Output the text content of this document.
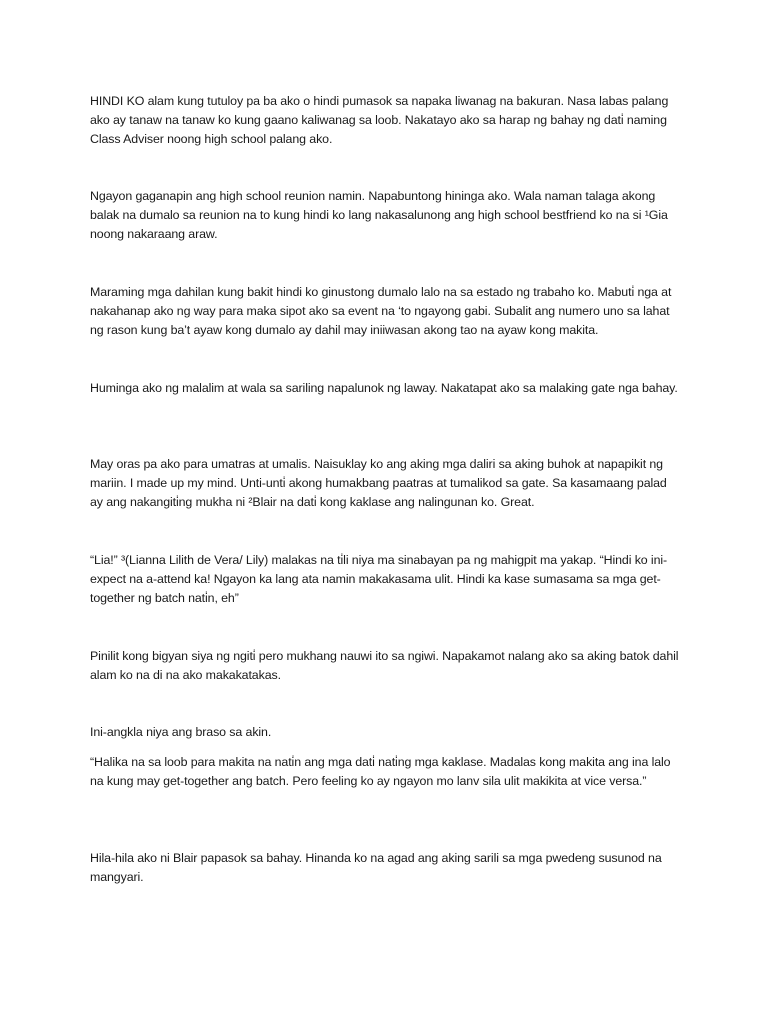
HINDI KO alam kung tutuloy pa ba ako o hindi pumasok sa napaka liwanag na bakuran. Nasa labas palang ako ay tanaw na tanaw ko kung gaano kaliwanag sa loob. Nakatayo ako sa harap ng bahay ng dati̇ naming Class Adviser noong high school palang ako.

Ngayon gaganapin ang high school reunion namin. Napabuntong hininga ako. Wala naman talaga akong balak na dumalo sa reunion na to kung hindi ko lang nakasalunong ang high school bestfriend ko na si ¹Gia noong nakaraang araw.

Maraming mga dahilan kung bakit hindi ko ginustong dumalo lalo na sa estado ng trabaho ko. Mabuti̇ nga at nakahanap ako ng way para maka sipot ako sa event na ‘to ngayong gabi. Subalit ang numero uno sa lahat ng rason kung ba’t ayaw kong dumalo ay dahil may iniiwasan akong tao na ayaw kong makita.

Huminga ako ng malalim at wala sa sariling napalunok ng laway. Nakatapat ako sa malaking gate nga bahay.

May oras pa ako para umatras at umalis. Naisuklay ko ang aking mga daliri sa aking buhok at napapikit ng mariin. I made up my mind. Unti-unti̇ akong humakbang paatras at tumalikod sa gate. Sa kasamaang palad ay ang nakangiti̇ng mukha ni ²Blair na dati̇ kong kaklase ang nalingunan ko. Great.

“Lia!” ³(Lianna Lilith de Vera/ Lily) malakas na ti̇li niya ma sinabayan pa ng mahigpit ma yakap. “Hindi ko ini-expect na a-attend ka! Ngayon ka lang ata namin makakasama ulit. Hindi ka kase sumasama sa mga get-together ng batch nati̇n, eh”

Pinilit kong bigyan siya ng ngiti̇ pero mukhang nauwi ito sa ngiwi. Napakamot nalang ako sa aking batok dahil alam ko na di na ako makakatakas.

Ini-angkla niya ang braso sa akin.

“Halika na sa loob para makita na nati̇n ang mga dati̇ nati̇ng mga kaklase. Madalas kong makita ang ina lalo na kung may get-together ang batch. Pero feeling ko ay ngayon mo lanv sila ulit makikita at vice versa.”

Hila-hila ako ni Blair papasok sa bahay. Hinanda ko na agad ang aking sarili sa mga pwedeng susunod na mangyari.
